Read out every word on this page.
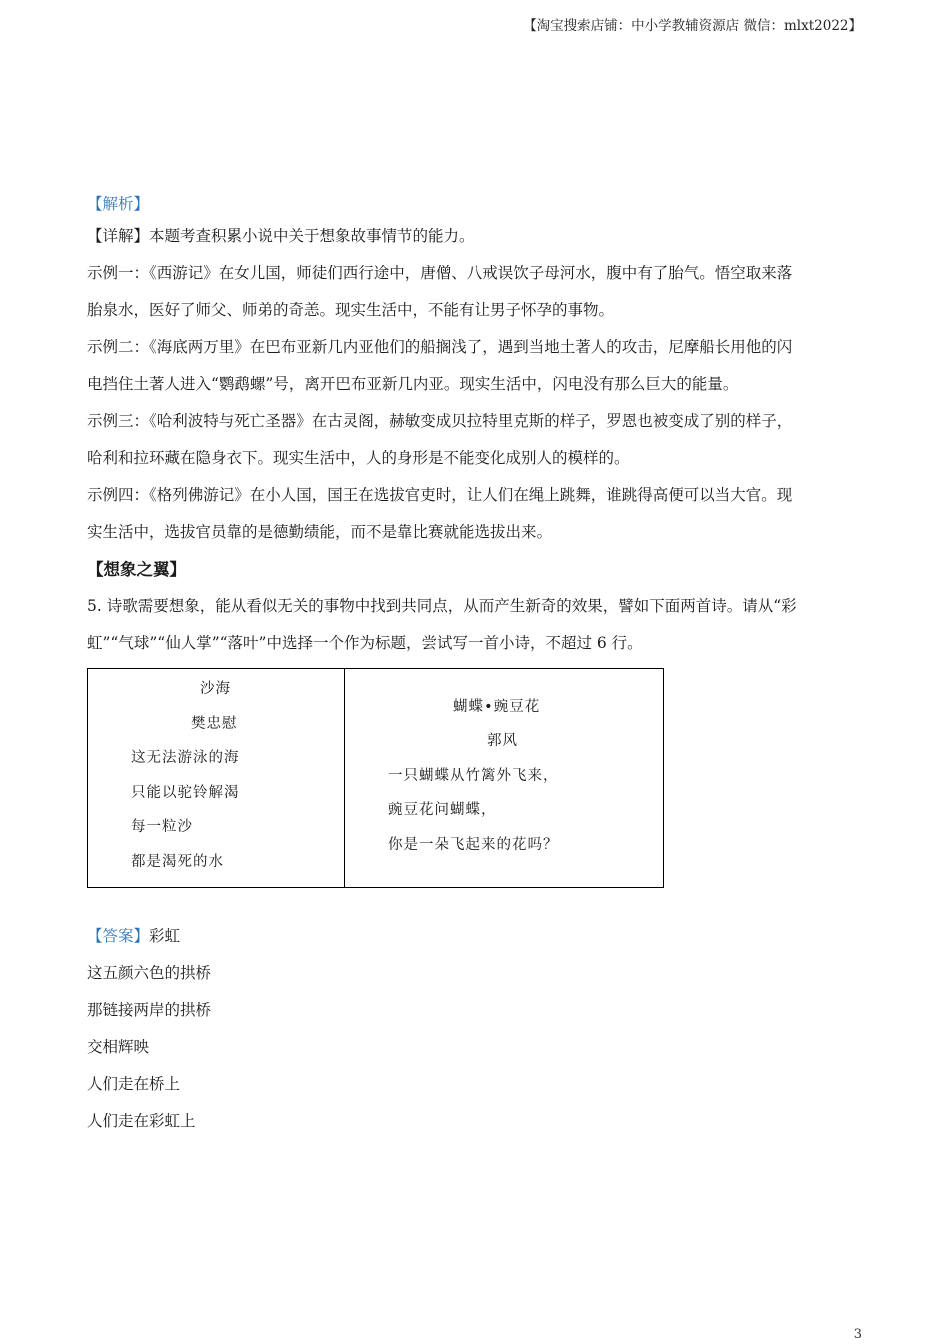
【淘宝搜索店铺：中小学教辅资源店 微信：mlxt2022】
【解析】
【详解】本题考查积累小说中关于想象故事情节的能力。
示例一：《西游记》在女儿国，师徒们西行途中，唐僧、八戒误饮子母河水，腹中有了胎气。悟空取来落
胎泉水，医好了师父、师弟的奇恙。现实生活中，不能有让男子怀孕的事物。
示例二：《海底两万里》在巴布亚新几内亚他们的船搁浅了，遇到当地土著人的攻击，尼摩船长用他的闪
电挡住土著人进入“鹦鹉螺”号，离开巴布亚新几内亚。现实生活中，闪电没有那么巨大的能量。
示例三：《哈利波特与死亡圣器》在古灵阁，赫敏变成贝拉特里克斯的样子，罗恩也被变成了别的样子，
哈利和拉环藏在隐身衣下。现实生活中，人的身形是不能变化成别人的模样的。
示例四：《格列佛游记》在小人国，国王在选拔官吏时，让人们在绳上跳舞，谁跳得高便可以当大官。现
实生活中，选拔官员靠的是德勤绩能，而不是靠比赛就能选拔出来。
【想象之翼】
5. 诗歌需要想象，能从看似无关的事物中找到共同点，从而产生新奇的效果，譬如下面两首诗。请从“彩
虹”“气球”“仙人掌”“落叶”中选择一个作为标题，尝试写一首小诗，不超过 6 行。
沙海
樊忠慰
这无法游泳的海
只能以驼铃解渴
每一粒沙
都是渴死的水
蝴蝶•豌豆花
郭风
一只蝴蝶从竹篱外飞来，
豌豆花问蝴蝶，
你是一朵飞起来的花吗？
【答案】彩虹
这五颜六色的拱桥
那链接两岸的拱桥
交相辉映
人们走在桥上
人们走在彩虹上
3
